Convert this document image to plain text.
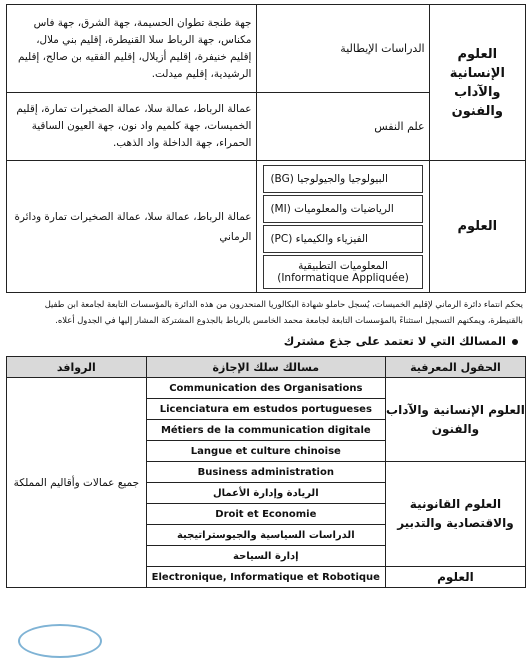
جهة طنجة تطوان الحسيمة، جهة الشرق، جهة فاس مكناس، جهة الرباط سلا القنيطرة، إقليم بني ملال، إقليم خنيفرة، إقليم أزيلال، إقليم الفقيه بن صالح، إقليم الرشيدية، إقليم ميدلت.	الدراسات الإيطالية	العلوم الإنسانية والآداب والفنون
عمالة الرباط، عمالة سلا، عمالة الصخيرات تمارة، إقليم الخميسات، جهة كلميم واد نون، جهة العيون الساقية الحمراء، جهة الداخلة واد الذهب.	علم النفس	
عمالة الرباط، عمالة سلا، عمالة الصخيرات تمارة ودائرة الرماني	البيولوجيا والجيولوجيا (BG)
الرياضيات والمعلوميات (MI)
الفيزياء والكيمياء (PC)
المعلوميات التطبيقية (Informatique Appliquée)	العلوم
يحكم انتماء دائرة الرماني لإقليم الخميسات، يُسجل حاملو شهادة البكالوريا المنحدرون من هذه الدائرة بالمؤسسات التابعة لجامعة ابن طفيل بالقنيطرة، ويمكنهم التسجيل استثناءً بالمؤسسات التابعة لجامعة محمد الخامس بالرباط بالجذوع المشتركة المشار إليها في الجدول أعلاه.
المسالك التي لا تعتمد على جذع مشترك
الروافد	مسالك سلك الإجازة	الحقول المعرفية
جميع عمالات وأقاليم المملكة	Communication des Organisations	العلوم الإنسانية والآداب والفنون
	Licenciatura em estudos portugueses	
	Métiers de la communication digitale	
	Langue et culture chinoise	
	Business administration	العلوم القانونية والاقتصادية والتدبير
	الريادة وإدارة الأعمال	
	Droit et Economie	
	الدراسات السياسية والجيوستراتيجية	
	إدارة السياحة	
	Electronique, Informatique et Robotique	العلوم
